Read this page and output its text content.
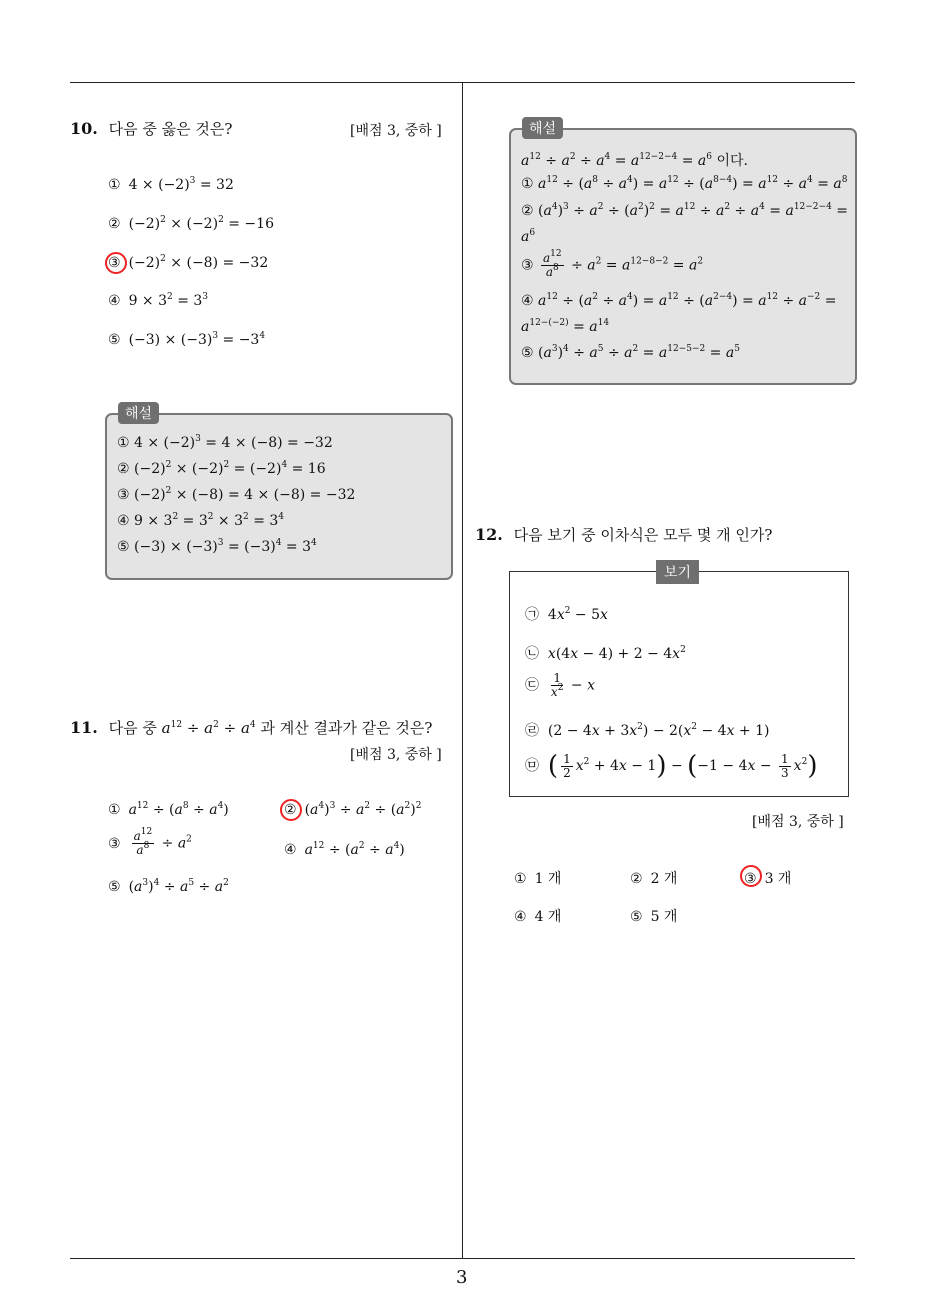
10. 다음 중 옳은 것은?	[배점 3, 중하 ]
① $4 \times (-2)^3 = 32$
② $(-2)^2 \times (-2)^2 = -16$
③ $(-2)^2 \times (-8) = -32$
④ $9 \times 3^2 = 3^3$
⑤ $(-3) \times (-3)^3 = -3^4$
해설
① $4 \times (-2)^3 = 4 \times (-8) = -32$
② $(-2)^2 \times (-2)^2 = (-2)^4 = 16$
③ $(-2)^2 \times (-8) = 4 \times (-8) = -32$
④ $9 \times 3^2 = 3^2 \times 3^2 = 3^4$
⑤ $(-3) \times (-3)^3 = (-3)^4 = 3^4$
11. 다음 중 $a^{12} \div a^2 \div a^4$ 과 계산 결과가 같은 것은?
[배점 3, 중하 ]
① $a^{12} \div (a^8 \div a^4)$	② $(a^4)^3 \div a^2 \div (a^2)^2$
③ $\frac{a^{12}}{a^8} \div a^2$
④ $a^{12} \div (a^2 \div a^4)$
⑤ $(a^3)^4 \div a^5 \div a^2$
해설
$a^{12} \div a^2 \div a^4 = a^{12-2-4} = a^6$ 이다.
① $a^{12} \div (a^8 \div a^4) = a^{12} \div (a^{8-4}) = a^{12} \div a^4 = a^8$
② $(a^4)^3 \div a^2 \div (a^2)^2 = a^{12} \div a^2 \div a^4 = a^{12-2-4}$ =
$a^6$
③ $\frac{a^{12}}{a^8} \div a^2 = a^{12-8-2} = a^2$
④ $a^{12} \div (a^2 \div a^4) = a^{12} \div (a^{2-4}) = a^{12} \div a^{-2}$ =
$a^{12-(-2)} = a^{14}$
⑤ $(a^3)^4 \div a^5 \div a^2 = a^{12-5-2} = a^5$
12. 다음 보기 중 이차식은 모두 몇 개 인가?
보기
㉠  $4x^2 - 5x$
㉡ $x(4x - 4) + 2 - 4x^2$
㉢ $\frac{1}{x^2} - x$
㉣  $(2 - 4x + 3x^2) - 2(x^2 - 4x + 1)$
㉤ ( $\frac{1}{2} x^2 + 4x - 1) - (-1 - 4x - \frac{1}{3} x^2)$
[배점 3, 중하 ]
① 1 개	② 2 개	③ 3 개
④ 4 개	⑤ 5 개
3
